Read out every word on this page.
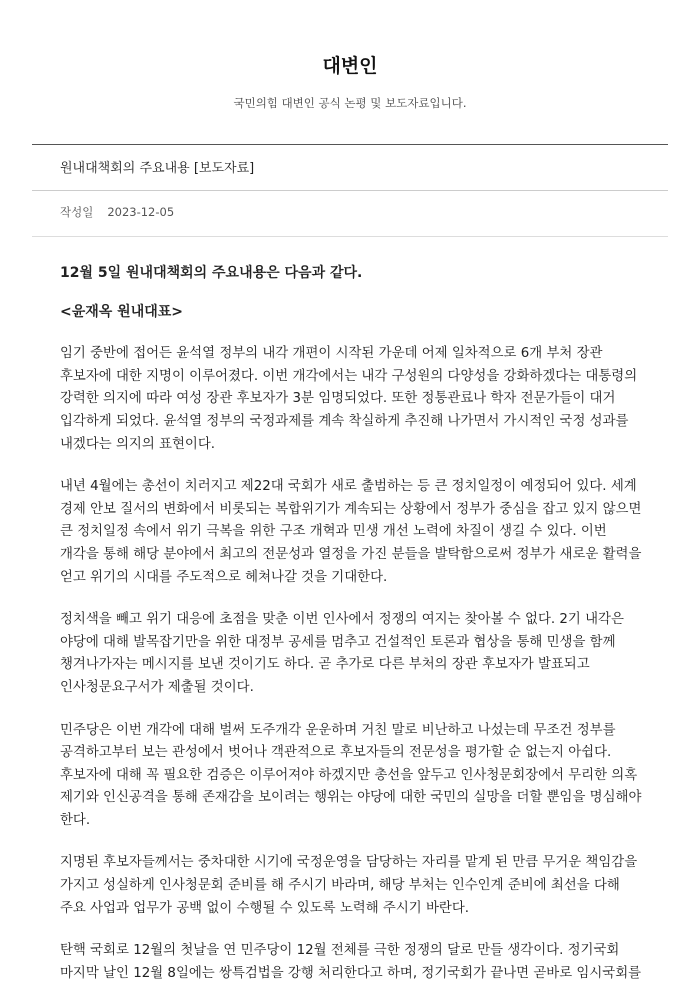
대변인
국민의힘 대변인 공식 논평 및 보도자료입니다.
원내대책회의 주요내용 [보도자료]
작성일 2023-12-05

12월 5일 원내대책회의 주요내용은 다음과 같다.

<윤재옥 원내대표>

임기 중반에 접어든 윤석열 정부의 내각 개편이 시작된 가운데 어제 일차적으로 6개 부처 장관 후보자에 대한 지명이 이루어졌다. 이번 개각에서는 내각 구성원의 다양성을 강화하겠다는 대통령의 강력한 의지에 따라 여성 장관 후보자가 3분 임명되었다. 또한 정통관료나 학자 전문가들이 대거 입각하게 되었다. 윤석열 정부의 국정과제를 계속 착실하게 추진해 나가면서 가시적인 국정 성과를 내겠다는 의지의 표현이다.

내년 4월에는 총선이 치러지고 제22대 국회가 새로 출범하는 등 큰 정치일정이 예정되어 있다. 세계 경제 안보 질서의 변화에서 비롯되는 복합위기가 계속되는 상황에서 정부가 중심을 잡고 있지 않으면 큰 정치일정 속에서 위기 극복을 위한 구조 개혁과 민생 개선 노력에 차질이 생길 수 있다. 이번 개각을 통해 해당 분야에서 최고의 전문성과 열정을 가진 분들을 발탁함으로써 정부가 새로운 활력을 얻고 위기의 시대를 주도적으로 헤쳐나갈 것을 기대한다.

정치색을 빼고 위기 대응에 초점을 맞춘 이번 인사에서 정쟁의 여지는 찾아볼 수 없다. 2기 내각은 야당에 대해 발목잡기만을 위한 대정부 공세를 멈추고 건설적인 토론과 협상을 통해 민생을 함께 챙겨나가자는 메시지를 보낸 것이기도 하다. 곧 추가로 다른 부처의 장관 후보자가 발표되고 인사청문요구서가 제출될 것이다.

민주당은 이번 개각에 대해 벌써 도주개각 운운하며 거친 말로 비난하고 나섰는데 무조건 정부를 공격하고부터 보는 관성에서 벗어나 객관적으로 후보자들의 전문성을 평가할 순 없는지 아쉽다. 후보자에 대해 꼭 필요한 검증은 이루어져야 하겠지만 총선을 앞두고 인사청문회장에서 무리한 의혹 제기와 인신공격을 통해 존재감을 보이려는 행위는 야당에 대한 국민의 실망을 더할 뿐임을 명심해야 한다.

지명된 후보자들께서는 중차대한 시기에 국정운영을 담당하는 자리를 맡게 된 만큼 무거운 책임감을 가지고 성실하게 인사청문회 준비를 해 주시기 바라며, 해당 부처는 인수인계 준비에 최선을 다해 주요 사업과 업무가 공백 없이 수행될 수 있도록 노력해 주시기 바란다.

탄핵 국회로 12월의 첫날을 연 민주당이 12월 전체를 극한 정쟁의 달로 만들 생각이다. 정기국회 마지막 날인 12월 8일에는 쌍특검법을 강행 처리한다고 하며, 정기국회가 끝나면 곧바로 임시국회를
